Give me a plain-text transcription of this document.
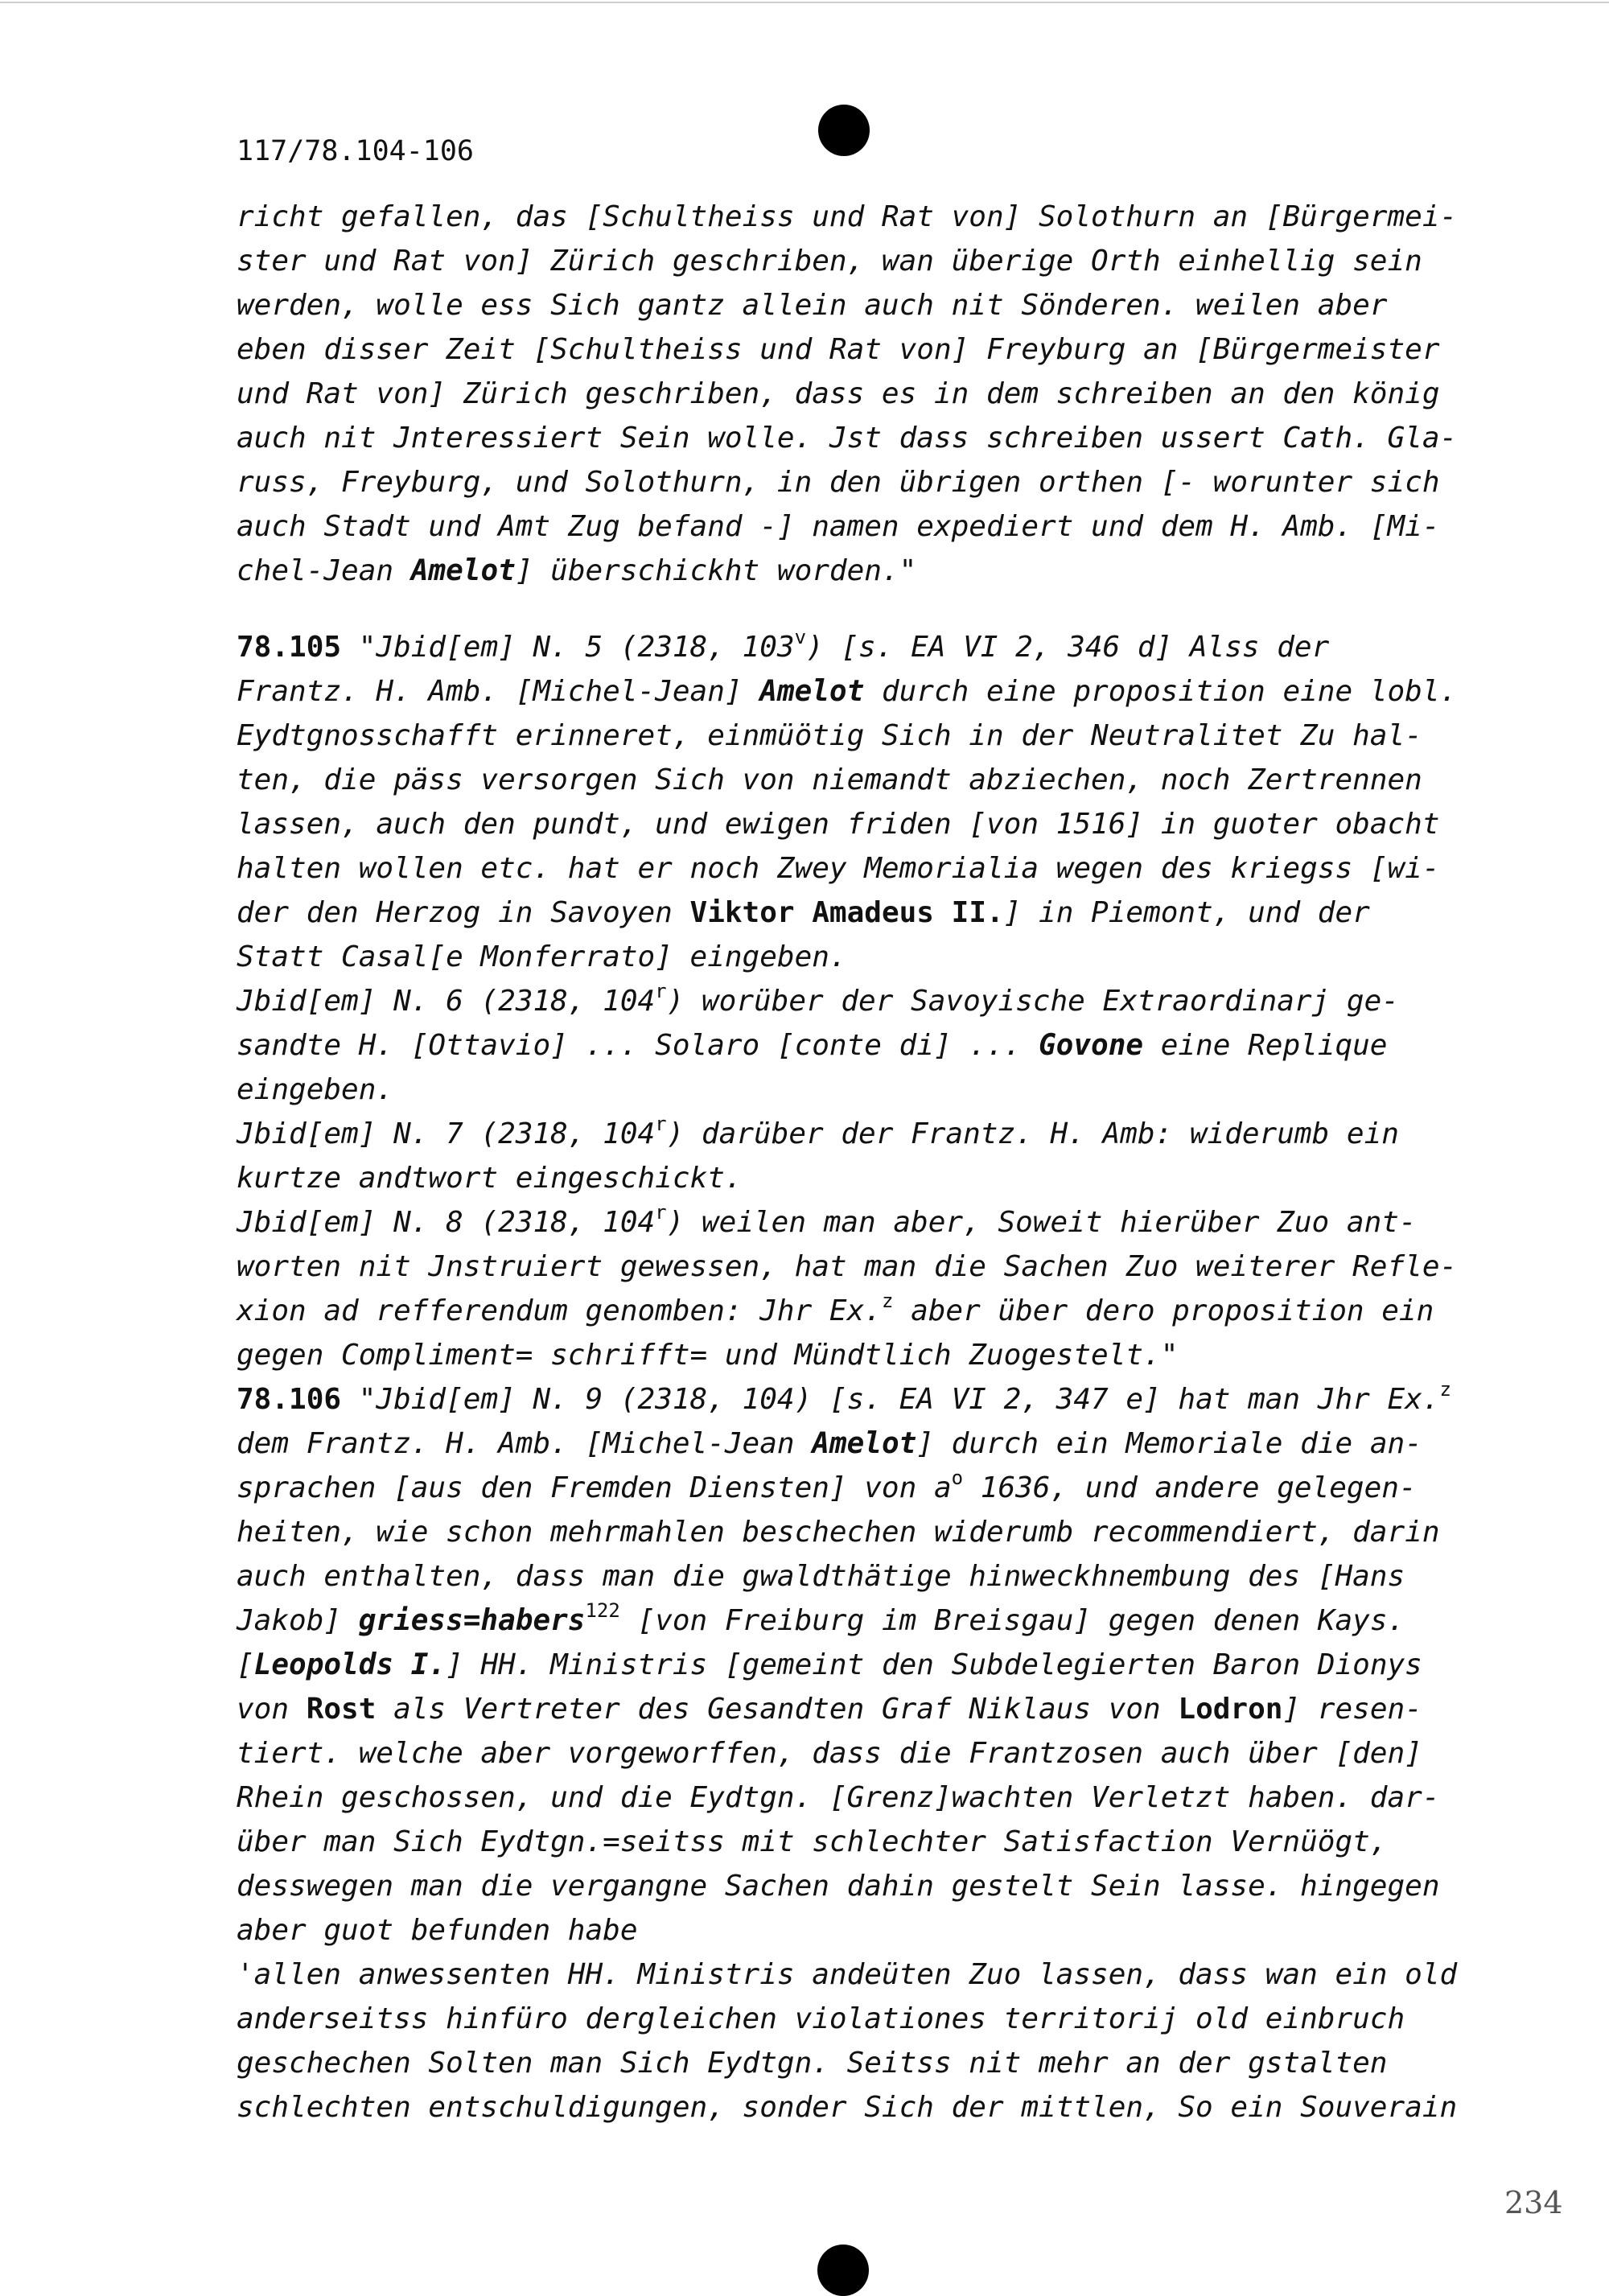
117/78.104-106
richt gefallen, das [Schultheiss und Rat von] Solothurn an [Bürgermei-
ster und Rat von] Zürich geschriben, wan überige Orth einhellig sein
werden, wolle ess Sich gantz allein auch nit Sönderen. weilen aber
eben disser Zeit [Schultheiss und Rat von] Freyburg an [Bürgermeister
und Rat von] Zürich geschriben, dass es in dem schreiben an den könig
auch nit Jnteressiert Sein wolle. Jst dass schreiben ussert Cath. Gla-
russ, Freyburg, und Solothurn, in den übrigen orthen [- worunter sich
auch Stadt und Amt Zug befand -] namen expediert und dem H. Amb. [Mi-
chel-Jean Amelot] überschickht worden."
78.105 "Jbid[em] N. 5 (2318, 103$^v$) [s. EA VI 2, 346 d] Alss der
Frantz. H. Amb. [Michel-Jean] Amelot durch eine proposition eine lobl.
Eydtgnosschafft erinneret, einmüötig Sich in der Neutralitet Zu hal-
ten, die päss versorgen Sich von niemandt abziechen, noch Zertrennen
lassen, auch den pundt, und ewigen friden [von 1516] in guoter obacht
halten wollen etc. hat er noch Zwey Memorialia wegen des kriegss [wi-
der den Herzog in Savoyen Viktor Amadeus II.] in Piemont, und der
Statt Casal[e Monferrato] eingeben.
Jbid[em] N. 6 (2318, 104$^r$) worüber der Savoyische Extraordinarj ge-
sandte H. [Ottavio] ... Solaro [conte di] ... Govone eine Replique
eingeben.
Jbid[em] N. 7 (2318, 104$^r$) darüber der Frantz. H. Amb: widerumb ein
kurtze andtwort eingeschickt.
Jbid[em] N. 8 (2318, 104$^r$) weilen man aber, Soweit hierüber Zuo ant-
worten nit Jnstruiert gewessen, hat man die Sachen Zuo weiterer Refle-
xion ad refferendum genomben: Jhr Ex.$^z$ aber über dero proposition ein
gegen Compliment= schrifft= und Mündtlich Zuogestelt."
78.106 "Jbid[em] N. 9 (2318, 104) [s. EA VI 2, 347 e] hat man Jhr Ex.$^z$
dem Frantz. H. Amb. [Michel-Jean Amelot] durch ein Memoriale die an-
sprachen [aus den Fremden Diensten] von $a^o$ 1636, und andere gelegen-
heiten, wie schon mehrmahlen beschechen widerumb recommendiert, darin
auch enthalten, dass man die gwaldthätige hinweckhnembung des [Hans
Jakob] griess=habers$^{122}$ [von Freiburg im Breisgau] gegen denen Kays.
[Leopolds I.] HH. Ministris [gemeint den Subdelegierten Baron Dionys
von Rost als Vertreter des Gesandten Graf Niklaus von Lodron] resen-
tiert. welche aber vorgeworffen, dass die Frantzosen auch über [den]
Rhein geschossen, und die Eydtgn. [Grenz]wachten Verletzt haben. dar-
über man Sich Eydtgn.=seitss mit schlechter Satisfaction Vernüögt,
desswegen man die vergangne Sachen dahin gestelt Sein lasse. hingegen
aber guot befunden habe
'allen anwessenten HH. Ministris andeüten Zuo lassen, dass wan ein old
anderseitss hinfüro dergleichen violationes territorij old einbruch
geschechen Solten man Sich Eydtgn. Seitss nit mehr an der gstalten
schlechten entschuldigungen, sonder Sich der mittlen, So ein Souverain
234
